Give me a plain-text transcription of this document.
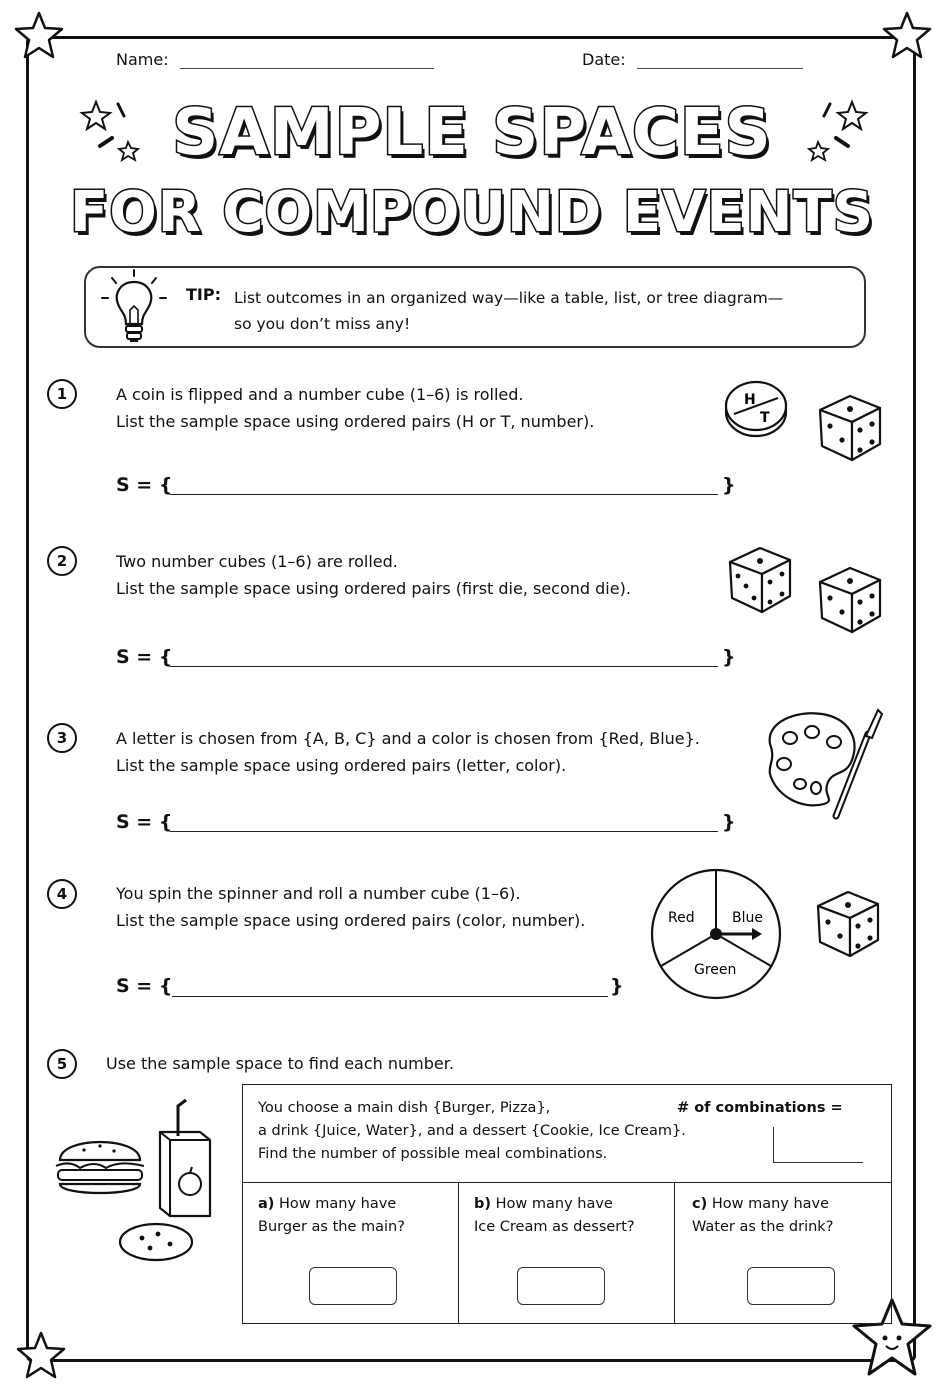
Name:	Date:
SAMPLE SPACES
FOR COMPOUND EVENTS
TIP: List outcomes in an organized way—like a table, list, or tree diagram—
so you don’t miss any!
1	A coin is flipped and a number cube (1–6) is rolled.
List the sample space using ordered pairs (H or T, number).
H
T
S = {	}
2	Two number cubes (1–6) are rolled.
List the sample space using ordered pairs (first die, second die).
S = {	}
3	A letter is chosen from {A, B, C} and a color is chosen from {Red, Blue}.
List the sample space using ordered pairs (letter, color).
S = {	}
4	You spin the spinner and roll a number cube (1–6).
List the sample space using ordered pairs (color, number).	Red	Blue
Green
S = {	}
5	Use the sample space to find each number.
You choose a main dish {Burger, Pizza},
a drink {Juice, Water}, and a dessert {Cookie, Ice Cream}.
Find the number of possible meal combinations.
# of combinations =
a) How many have
Burger as the main?
b) How many have
Ice Cream as dessert?
c) How many have
Water as the drink?
